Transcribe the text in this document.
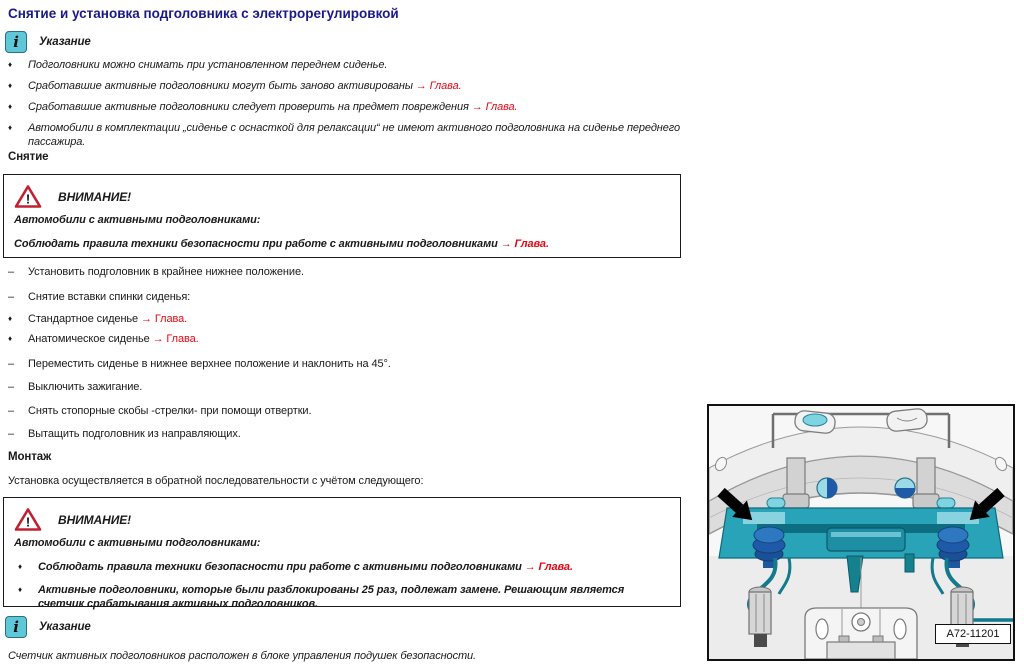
Снятие и установка подголовника с электрорегулировкой
i	Указание
♦ Подголовники можно снимать при установленном переднем сиденье.
♦ Сработавшие активные подголовники могут быть заново активированы → Глава.
♦ Сработавшие активные подголовники следует проверить на предмет повреждения → Глава.
♦ Автомобили в комплектации „сиденье с оснасткой для релаксации“ не имеют активного подголовника на сиденье переднего пассажира.
Снятие
! ВНИМАНИЕ!
Автомобили с активными подголовниками:
Соблюдать правила техники безопасности при работе с активными подголовниками → Глава.
–	Установить подголовник в крайнее нижнее положение.
–	Снятие вставки спинки сиденья:
♦ Стандартное сиденье → Глава.
♦ Анатомическое сиденье → Глава.
–	Переместить сиденье в нижнее верхнее положение и наклонить на 45°.
–	Выключить зажигание.
–	Снять стопорные скобы -стрелки- при помощи отвертки.
–	Вытащить подголовник из направляющих.
Монтаж
Установка осуществляется в обратной последовательности с учётом следующего:
! ВНИМАНИЕ!
Автомобили с активными подголовниками:
♦ Соблюдать правила техники безопасности при работе с активными подголовниками → Глава.
♦ Активные подголовники, которые были разблокированы 25 раз, подлежат замене. Решающим является счетчик срабатывания активных подголовников.
i	Указание
Счетчик активных подголовников расположен в блоке управления подушек безопасности.
A72-11201
